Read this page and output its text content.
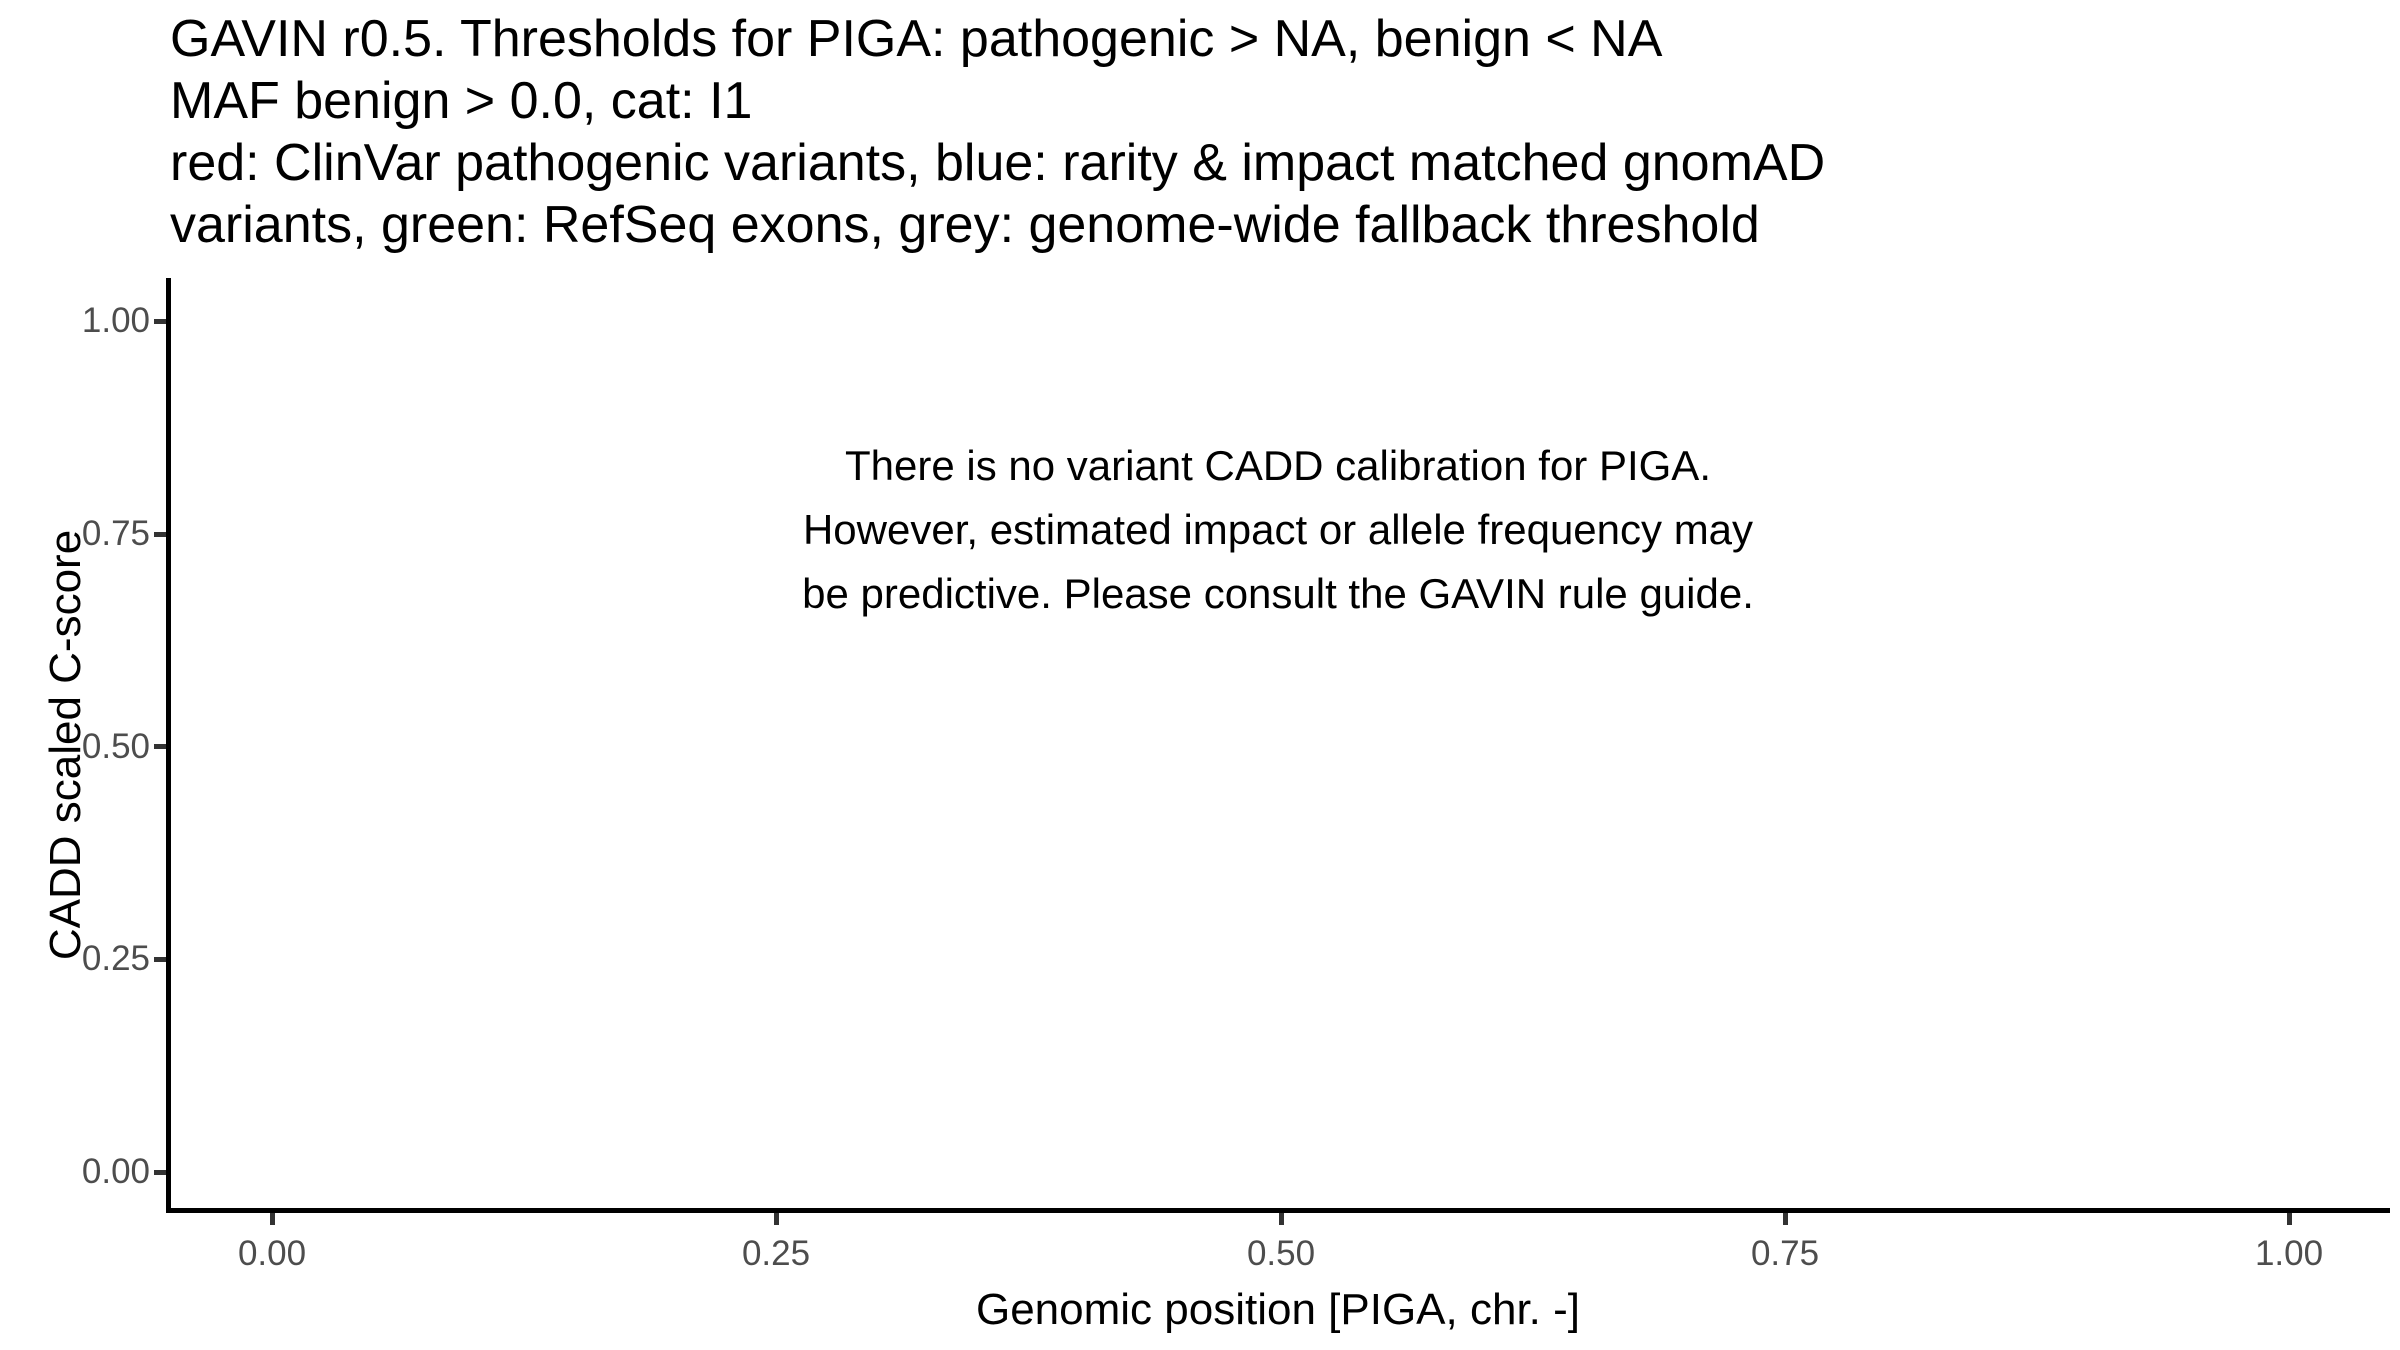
GAVIN r0.5. Thresholds for PIGA: pathogenic > NA, benign < NA
MAF benign > 0.0, cat: I1
red: ClinVar pathogenic variants, blue: rarity & impact matched gnomAD
variants, green: RefSeq exons, grey: genome-wide fallback threshold
There is no variant CADD calibration for PIGA.
However, estimated impact or allele frequency may
be predictive. Please consult the GAVIN rule guide.
1.00
0.75
0.50
0.25
0.00
0.00	0.25	0.50	0.75	1.00
Genomic position [PIGA, chr. -]
CADD scaled C-score
